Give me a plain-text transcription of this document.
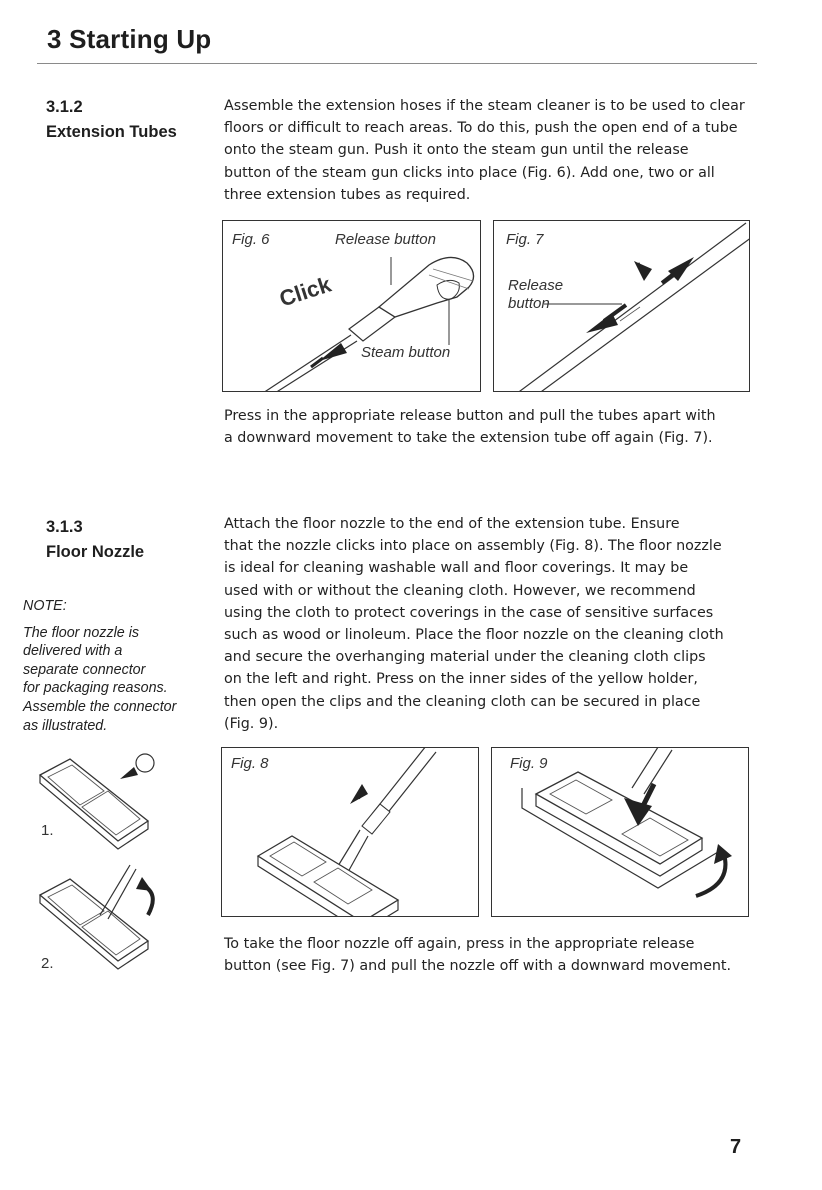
3 Starting Up

3.1.2

Extension Tubes

Assemble the extension hoses if the steam cleaner is to be used to clear
floors or difficult to reach areas. To do this, push the open end of a tube
onto the steam gun. Push it onto the steam gun until the release
button of the steam gun clicks into place (Fig. 6). Add one, two or all
three extension tubes as required.
Fig. 6	Release button
Click
Steam button
Fig. 7
Release
button
Press in the appropriate release button and pull the tubes apart with
a downward movement to take the extension tube off again (Fig. 7).

3.1.3

Floor Nozzle

Attach the floor nozzle to the end of the extension tube. Ensure
that the nozzle clicks into place on assembly (Fig. 8). The floor nozzle
is ideal for cleaning washable wall and floor coverings. It may be
used with or without the cleaning cloth. However, we recommend
using the cloth to protect coverings in the case of sensitive surfaces
such as wood or linoleum. Place the floor nozzle on the cleaning cloth
and secure the overhanging material under the cleaning cloth clips
on the left and right. Press on the inner sides of the yellow holder,
then open the clips and the cleaning cloth can be secured in place
(Fig. 9).

NOTE:

The floor nozzle is

delivered with a

separate connector

for packaging reasons.

Assemble the connector

as illustrated.

1.
2.
Fig. 8	Fig. 9
To take the floor nozzle off again, press in the appropriate release
button (see Fig. 7) and pull the nozzle off with a downward movement.

7
